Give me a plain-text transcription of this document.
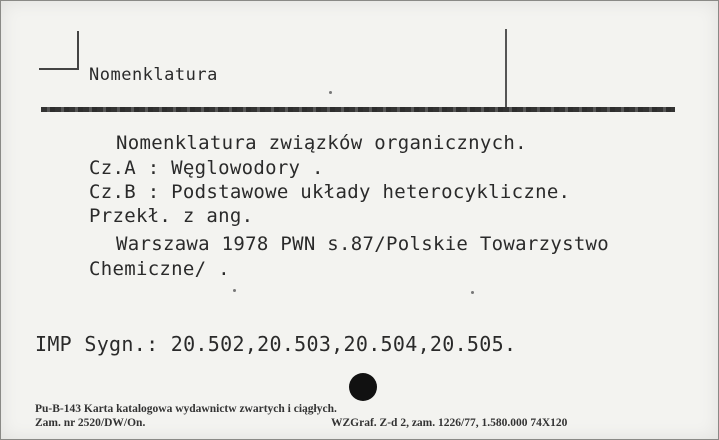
Nomenklatura
Nomenklatura związków organicznych.
Cz.A : Węglowodory .
Cz.B : Podstawowe układy heterocykliczne.
Przekł. z ang.
Warszawa 1978 PWN s.87/Polskie Towarzystwo
Chemiczne/ .
IMP Sygn.: 20.502,20.503,20.504,20.505.
Pu-B-143 Karta katalogowa wydawnictw zwartych i ciągłych.
Zam. nr 2520/DW/On.	WZGraf. Z-d 2, zam. 1226/77, 1.580.000 74X120
